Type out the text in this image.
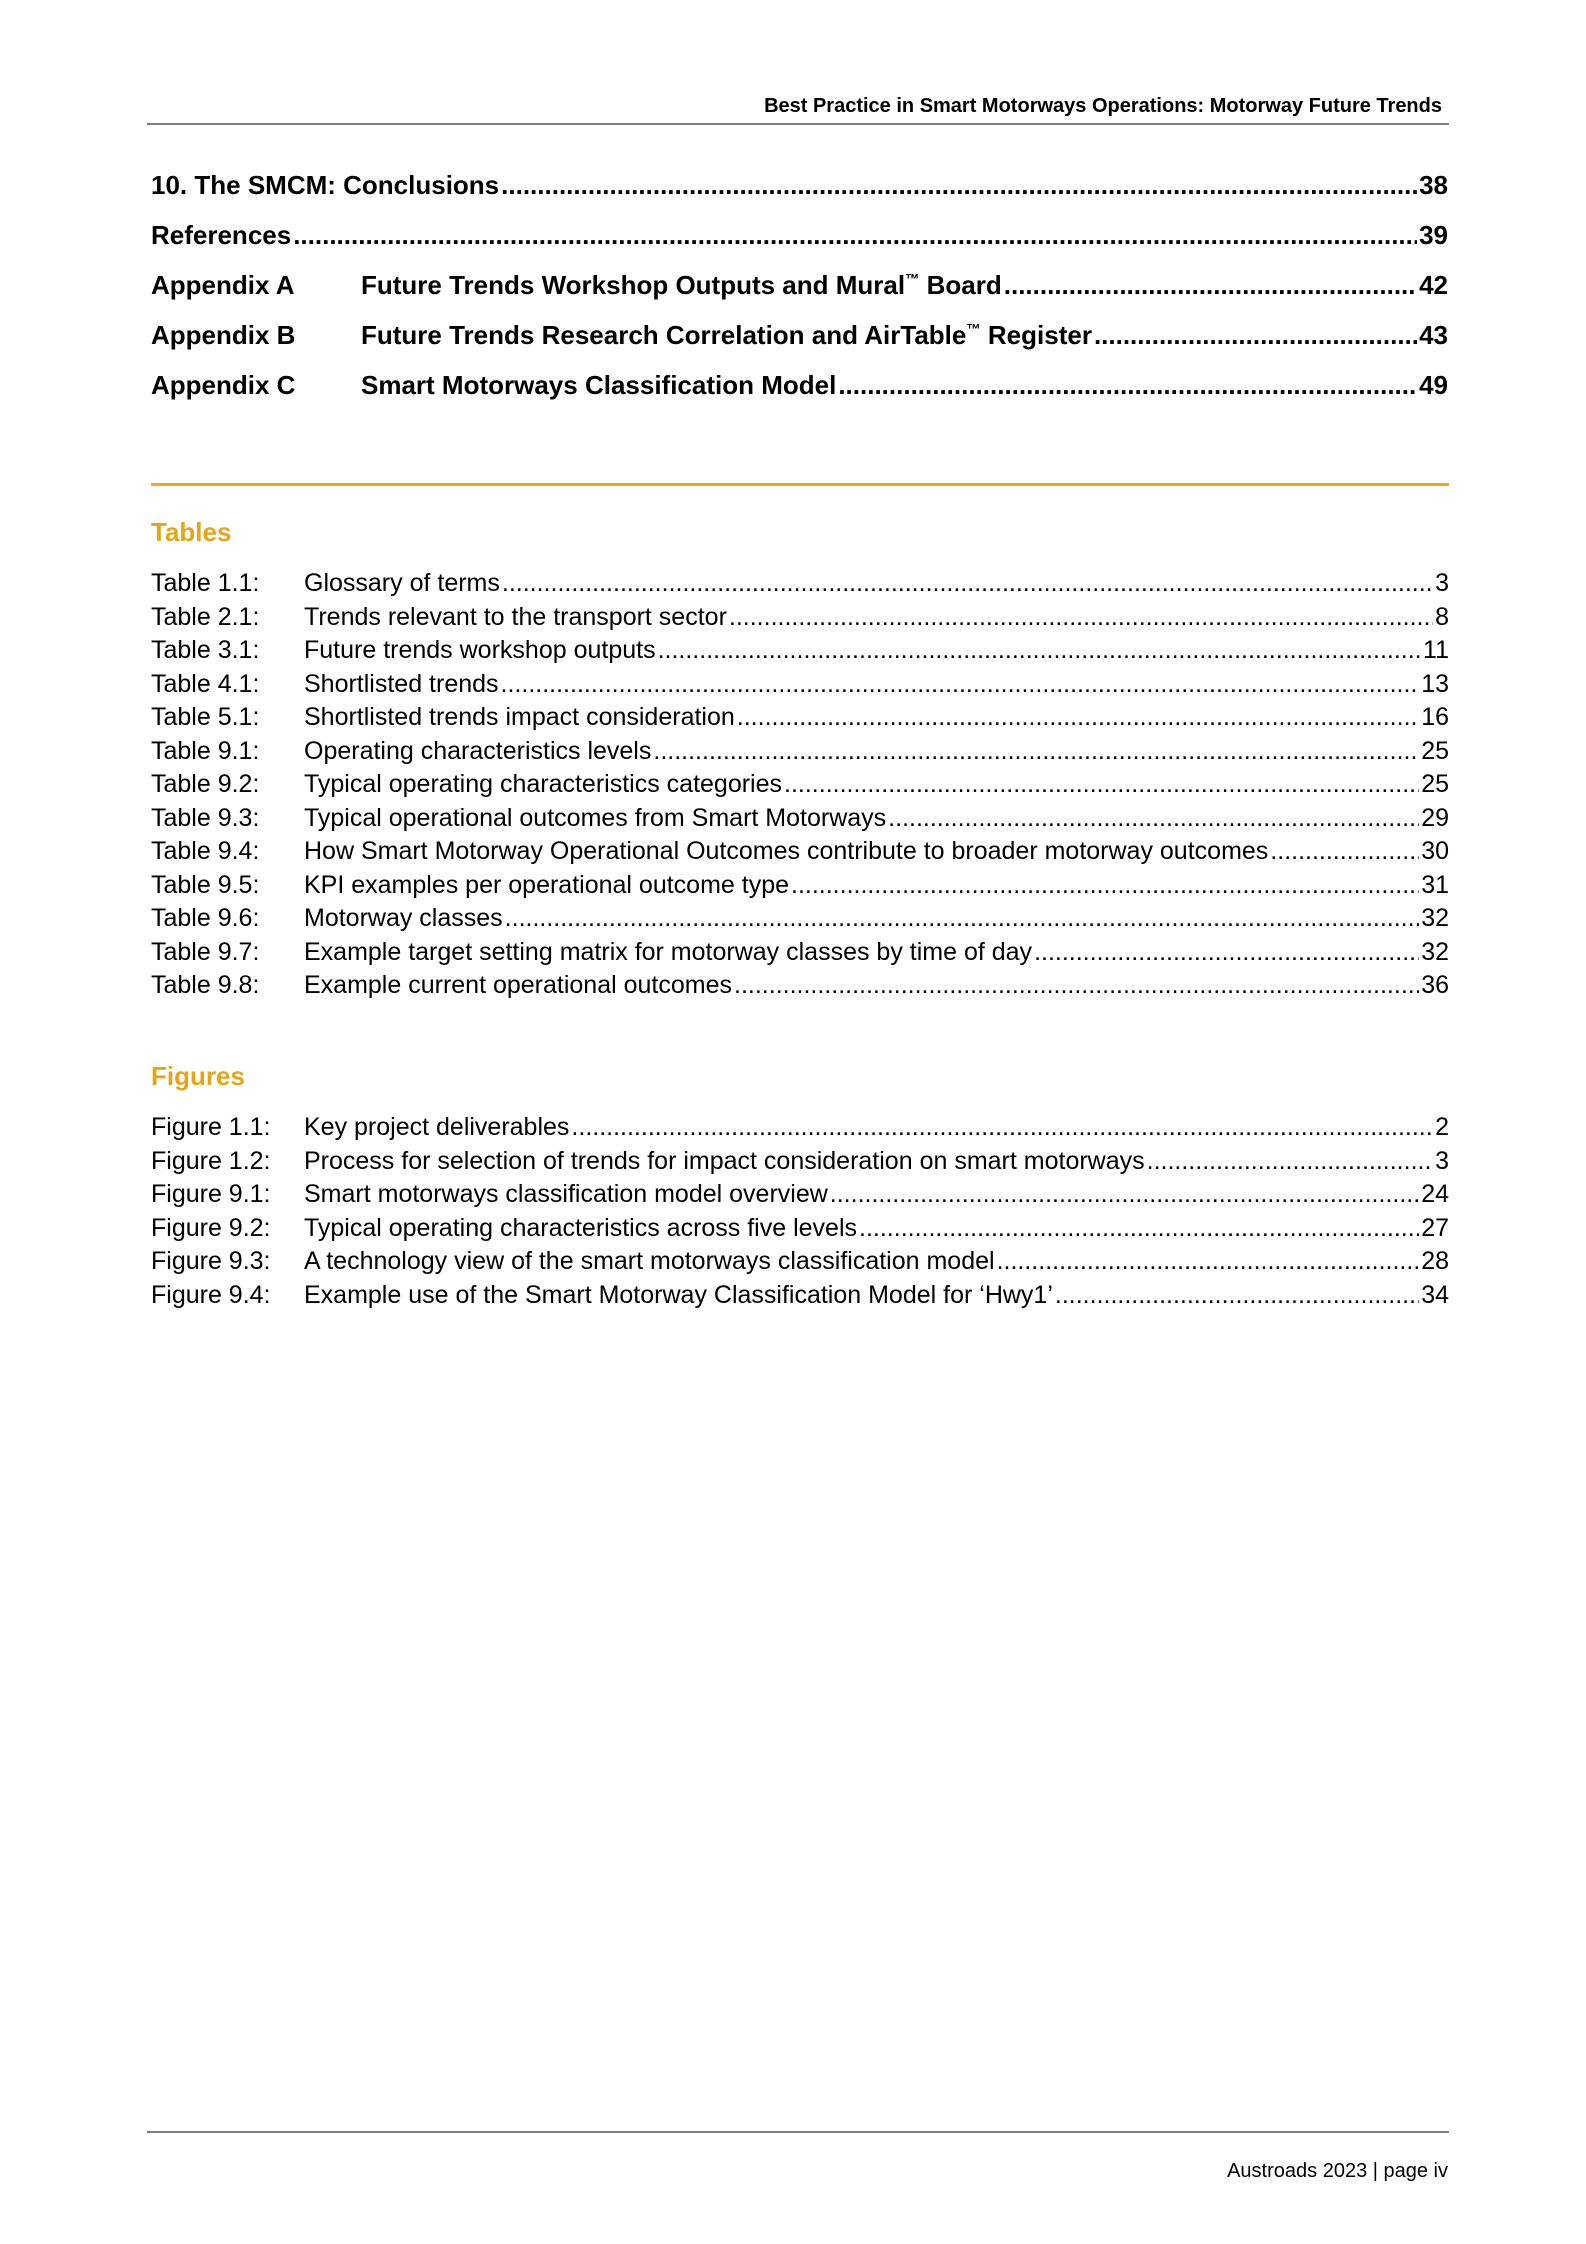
Best Practice in Smart Motorways Operations: Motorway Future Trends
10. The SMCM: Conclusions .....	38
References .....	39
Appendix A	Future Trends Workshop Outputs and Mural™ Board .....	42
Appendix B	Future Trends Research Correlation and AirTable™ Register .....	43
Appendix C	Smart Motorways Classification Model .....	49
Tables
Table 1.1:	Glossary of terms .....	3
Table 2.1:	Trends relevant to the transport sector .....	8
Table 3.1:	Future trends workshop outputs .....	11
Table 4.1:	Shortlisted trends .....	13
Table 5.1:	Shortlisted trends impact consideration .....	16
Table 9.1:	Operating characteristics levels .....	25
Table 9.2:	Typical operating characteristics categories .....	25
Table 9.3:	Typical operational outcomes from Smart Motorways .....	29
Table 9.4:	How Smart Motorway Operational Outcomes contribute to broader motorway outcomes .....	30
Table 9.5:	KPI examples per operational outcome type .....	31
Table 9.6:	Motorway classes .....	32
Table 9.7:	Example target setting matrix for motorway classes by time of day .....	32
Table 9.8:	Example current operational outcomes .....	36
Figures
Figure 1.1:	Key project deliverables .....	2
Figure 1.2:	Process for selection of trends for impact consideration on smart motorways .....	3
Figure 9.1:	Smart motorways classification model overview .....	24
Figure 9.2:	Typical operating characteristics across five levels .....	27
Figure 9.3:	A technology view of the smart motorways classification model .....	28
Figure 9.4:	Example use of the Smart Motorway Classification Model for ‘Hwy1’ .....	34
Austroads 2023 | page iv
